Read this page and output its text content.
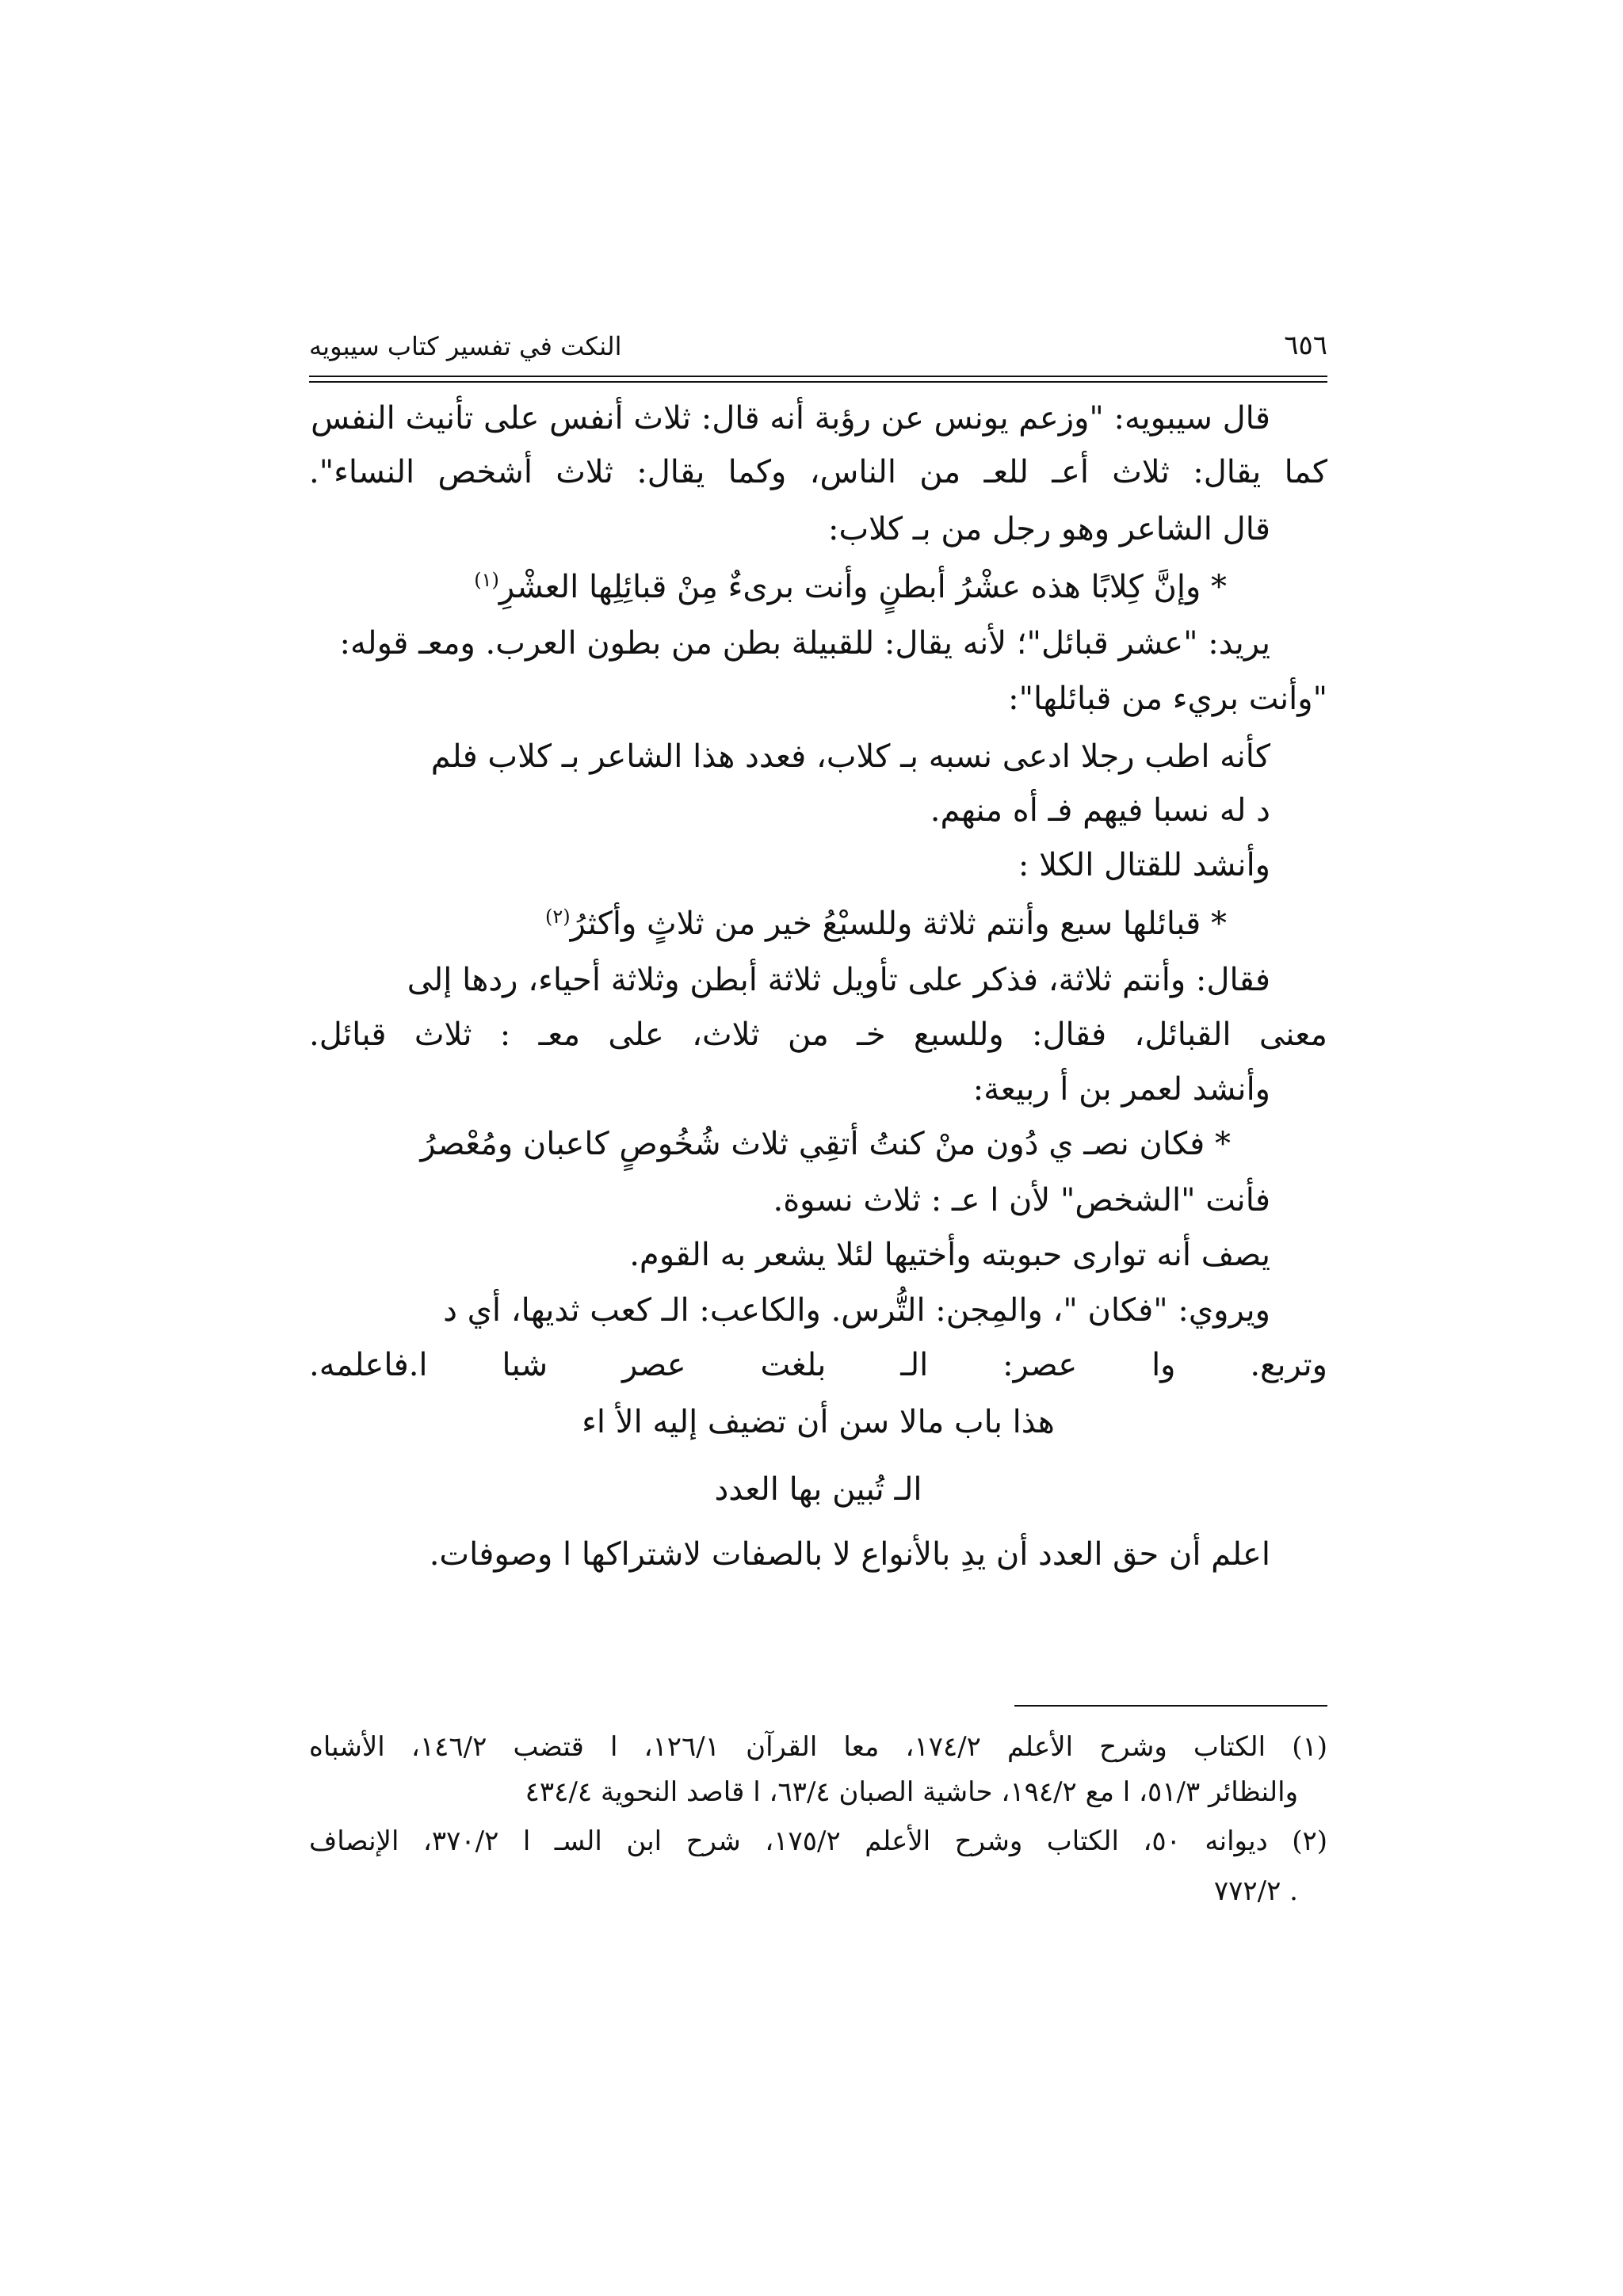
النكت في تفسير كتاب سيبويه	٦٥٦
قال سيبويه: "وزعم يونس عن رؤبة أنه قال: ثلاث أنفس على تأنيث النفس
كما يقال: ثلاث أعـ للعـ من الناس، وكما يقال: ثلاث أشخص النساء".
قال الشاعر وهو رجل من بـ كلاب:
* وإنَّ كِلابًا هذه عشْرُ أبطنٍ وأنت برىءٌ مِنْ قبائِلِها العشْرِ$^{(١)}$
يريد: "عشر قبائل"؛ لأنه يقال: للقبيلة بطن من بطون العرب. ومعـ قوله:
"وأنت بريء من قبائلها":
كأنه اطب رجلا ادعى نسبه بـ كلاب، فعدد هذا الشاعر بـ كلاب فلم
د له نسبا فيهم فـ أه منهم.
وأنشد للقتال الكلا :
* قبائلها سبع وأنتم ثلاثة وللسبْعُ خير من ثلاثٍ وأكثرُ$^{(٢)}$
فقال: وأنتم ثلاثة، فذكر على تأويل ثلاثة أبطن وثلاثة أحياء، ردها إلى
معنى القبائل، فقال: وللسبع خـ من ثلاث، على معـ : ثلاث قبائل.
وأنشد لعمر بن أ ربيعة:
* فكان نصـ ي دُون منْ كنتُ أتقِي ثلاث شُخُوصٍ كاعبان ومُعْصرُ
فأنت "الشخص" لأن ا عـ : ثلاث نسوة.
يصف أنه توارى حبوبته وأختيها لئلا يشعر به القوم.
ويروي: "فكان "، والمِجن: التُّرس. والكاعب: الـ كعب ثديها، أي د
وتربع. وا عصر: الـ بلغت عصر شبا ا.فاعلمه.
هذا باب مالا سن أن تضيف إليه الأ اء
الـ تُبين بها العدد
اعلم أن حق العدد أن يدِ بالأنواع لا بالصفات لاشتراكها ا وصوفات.
(١) الكتاب وشرح الأعلم ١٧٤/٢، معا القرآن ١٢٦/١، ا قتضب ١٤٦/٢، الأشباه
والنظائر ٥١/٣، ا مع ١٩٤/٢، حاشية الصبان ٦٣/٤، ا قاصد النحوية ٤٣٤/٤
(٢) ديوانه ٥٠، الكتاب وشرح الأعلم ١٧٥/٢، شرح ابن السـ ا ٣٧٠/٢، الإنصاف
. ٧٧٢/٢
